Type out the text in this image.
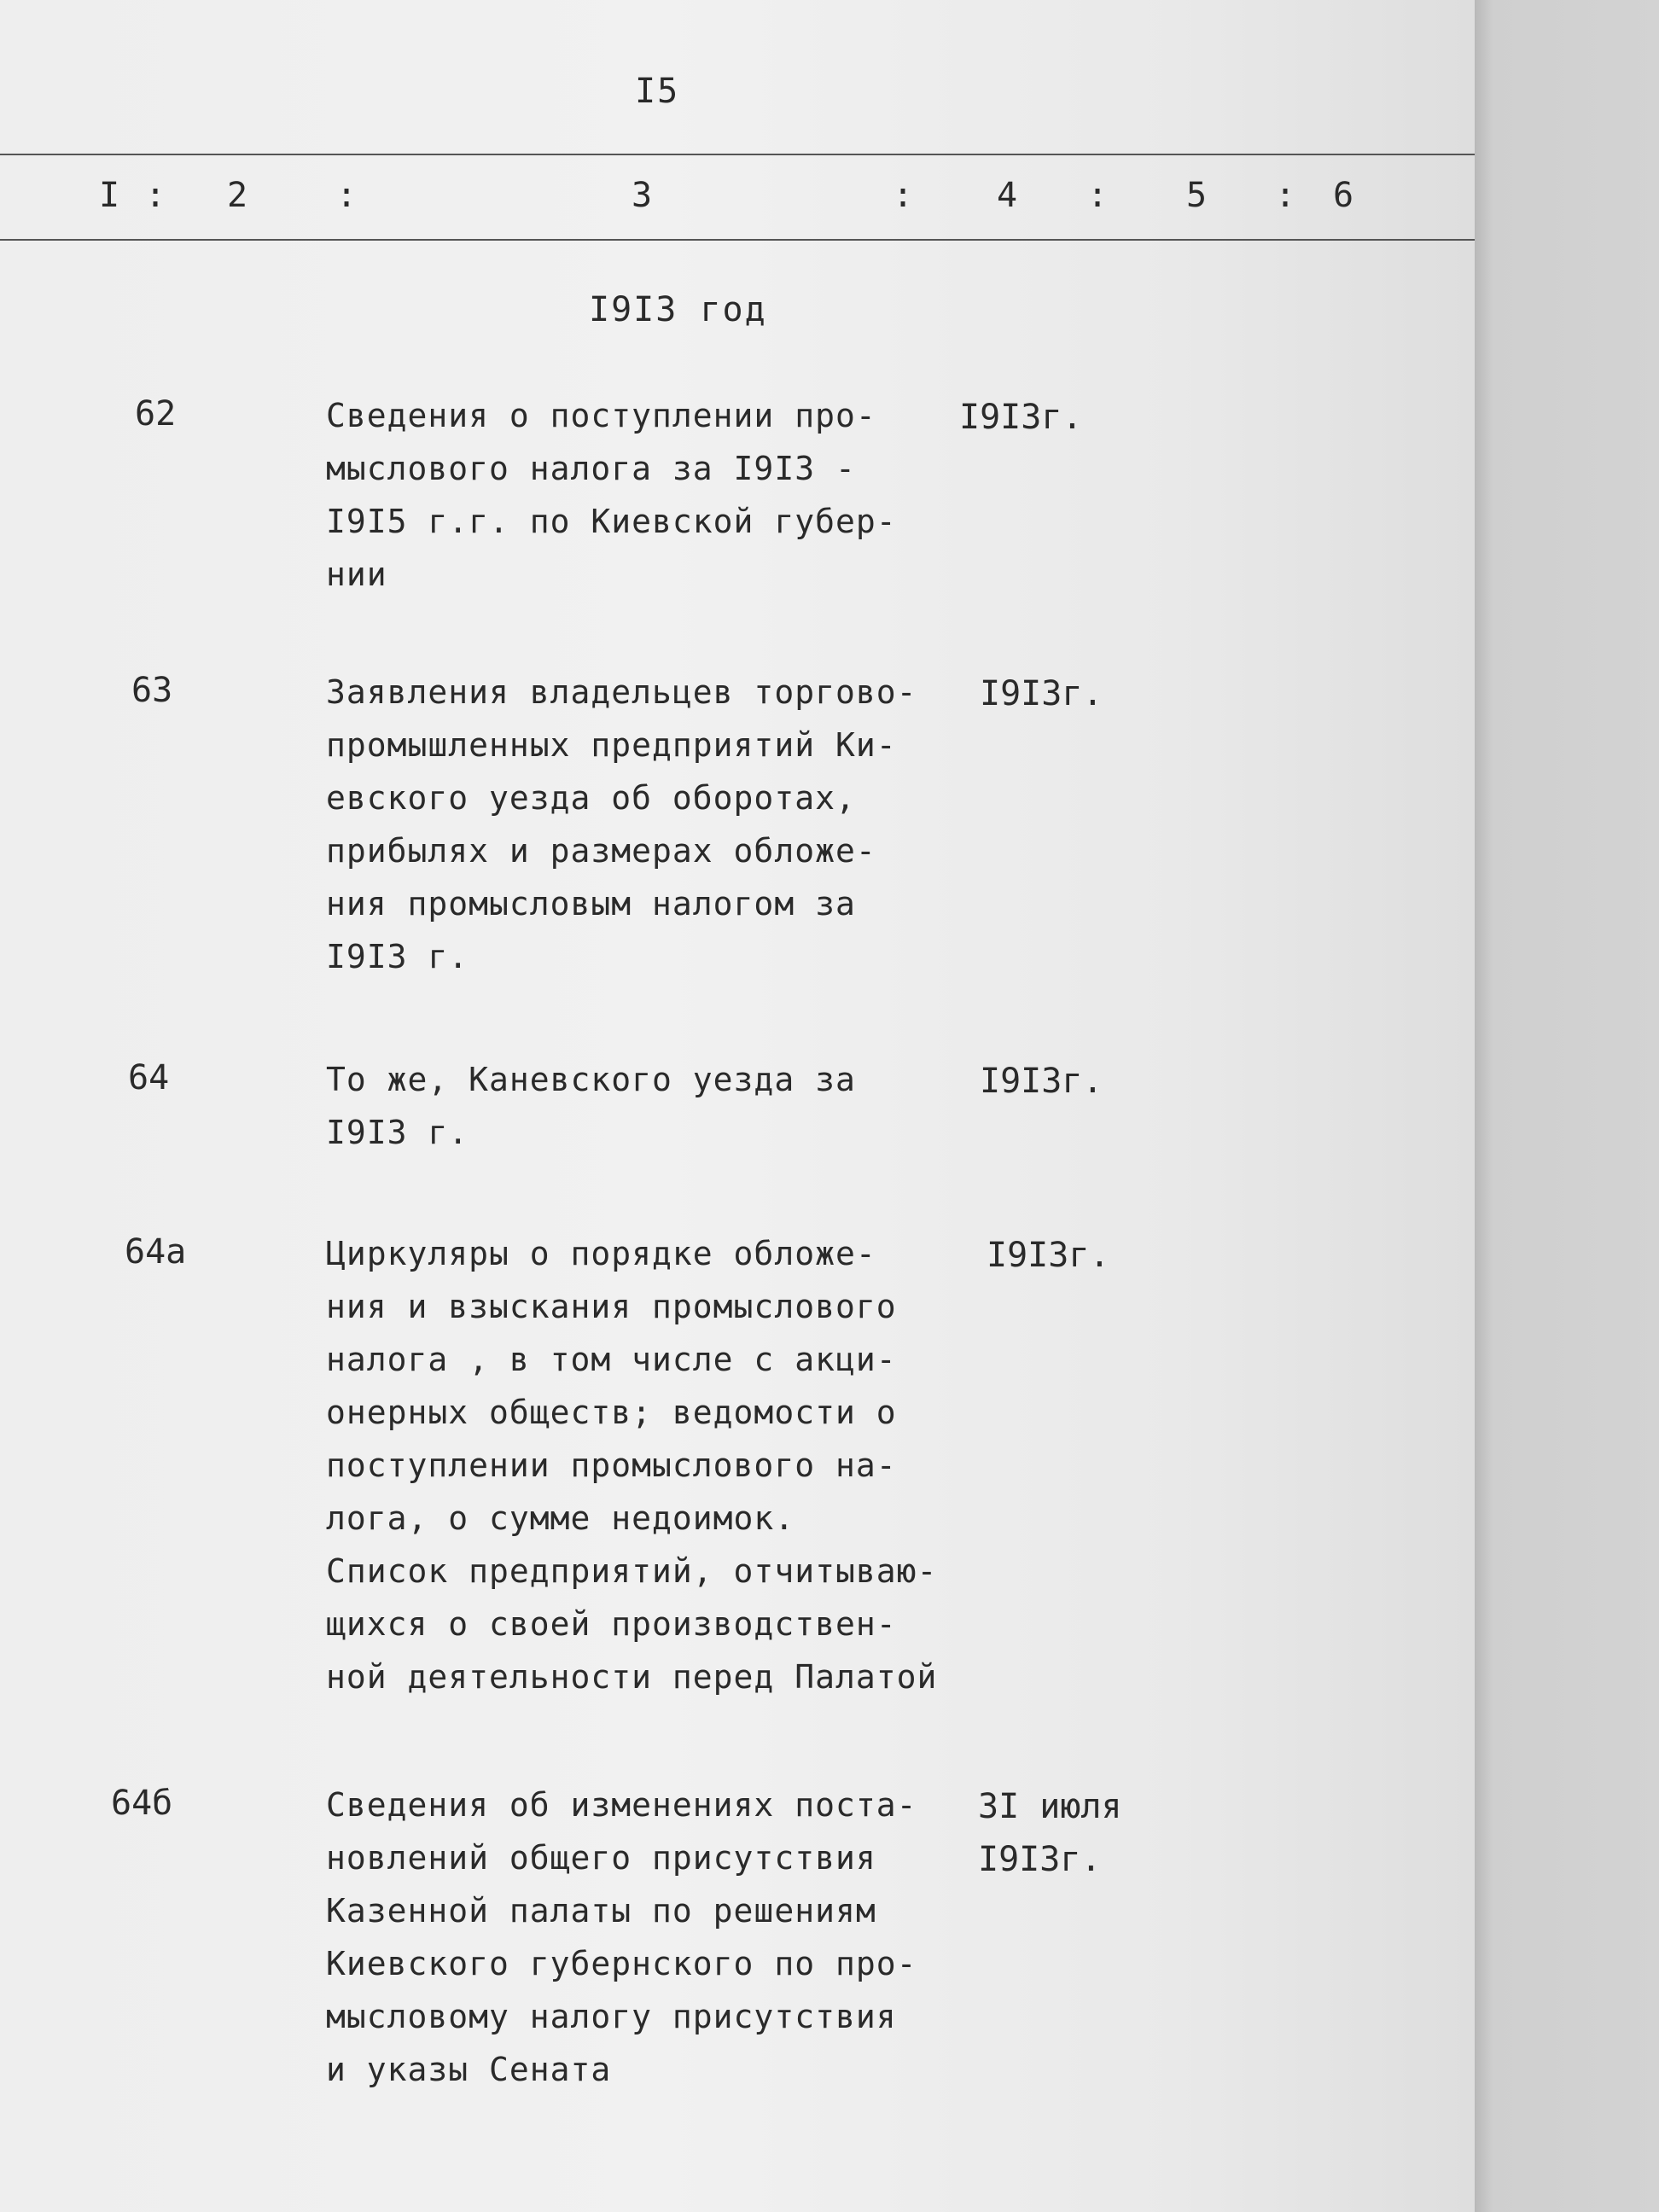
I5
I : 2	:	3	: 4 : 5 : 6
I9I3 год
62	Сведения о поступлении про-
мыслового налога за I9I3 -
I9I5 г.г. по Киевской губер-
нии
I9I3г.
63	Заявления владельцев торгово-
промышленных предприятий Ки-
евского уезда об оборотах,
прибылях и размерах обложе-
ния промысловым налогом за
I9I3 г.
I9I3г.
64	То же, Каневского уезда за
I9I3 г.
I9I3г.
64а	Циркуляры о порядке обложе-
ния и взыскания промыслового
налога , в том числе с акци-
онерных обществ; ведомости о
поступлении промыслового на-
лога, о сумме недоимок.
Список предприятий, отчитываю-
щихся о своей производствен-
ной деятельности перед Палатой
I9I3г.
64б	Сведения об изменениях поста-
новлений общего присутствия
Казенной палаты по решениям
Киевского губернского по про-
мысловому налогу присутствия
и указы Сената
3I июля
I9I3г.
